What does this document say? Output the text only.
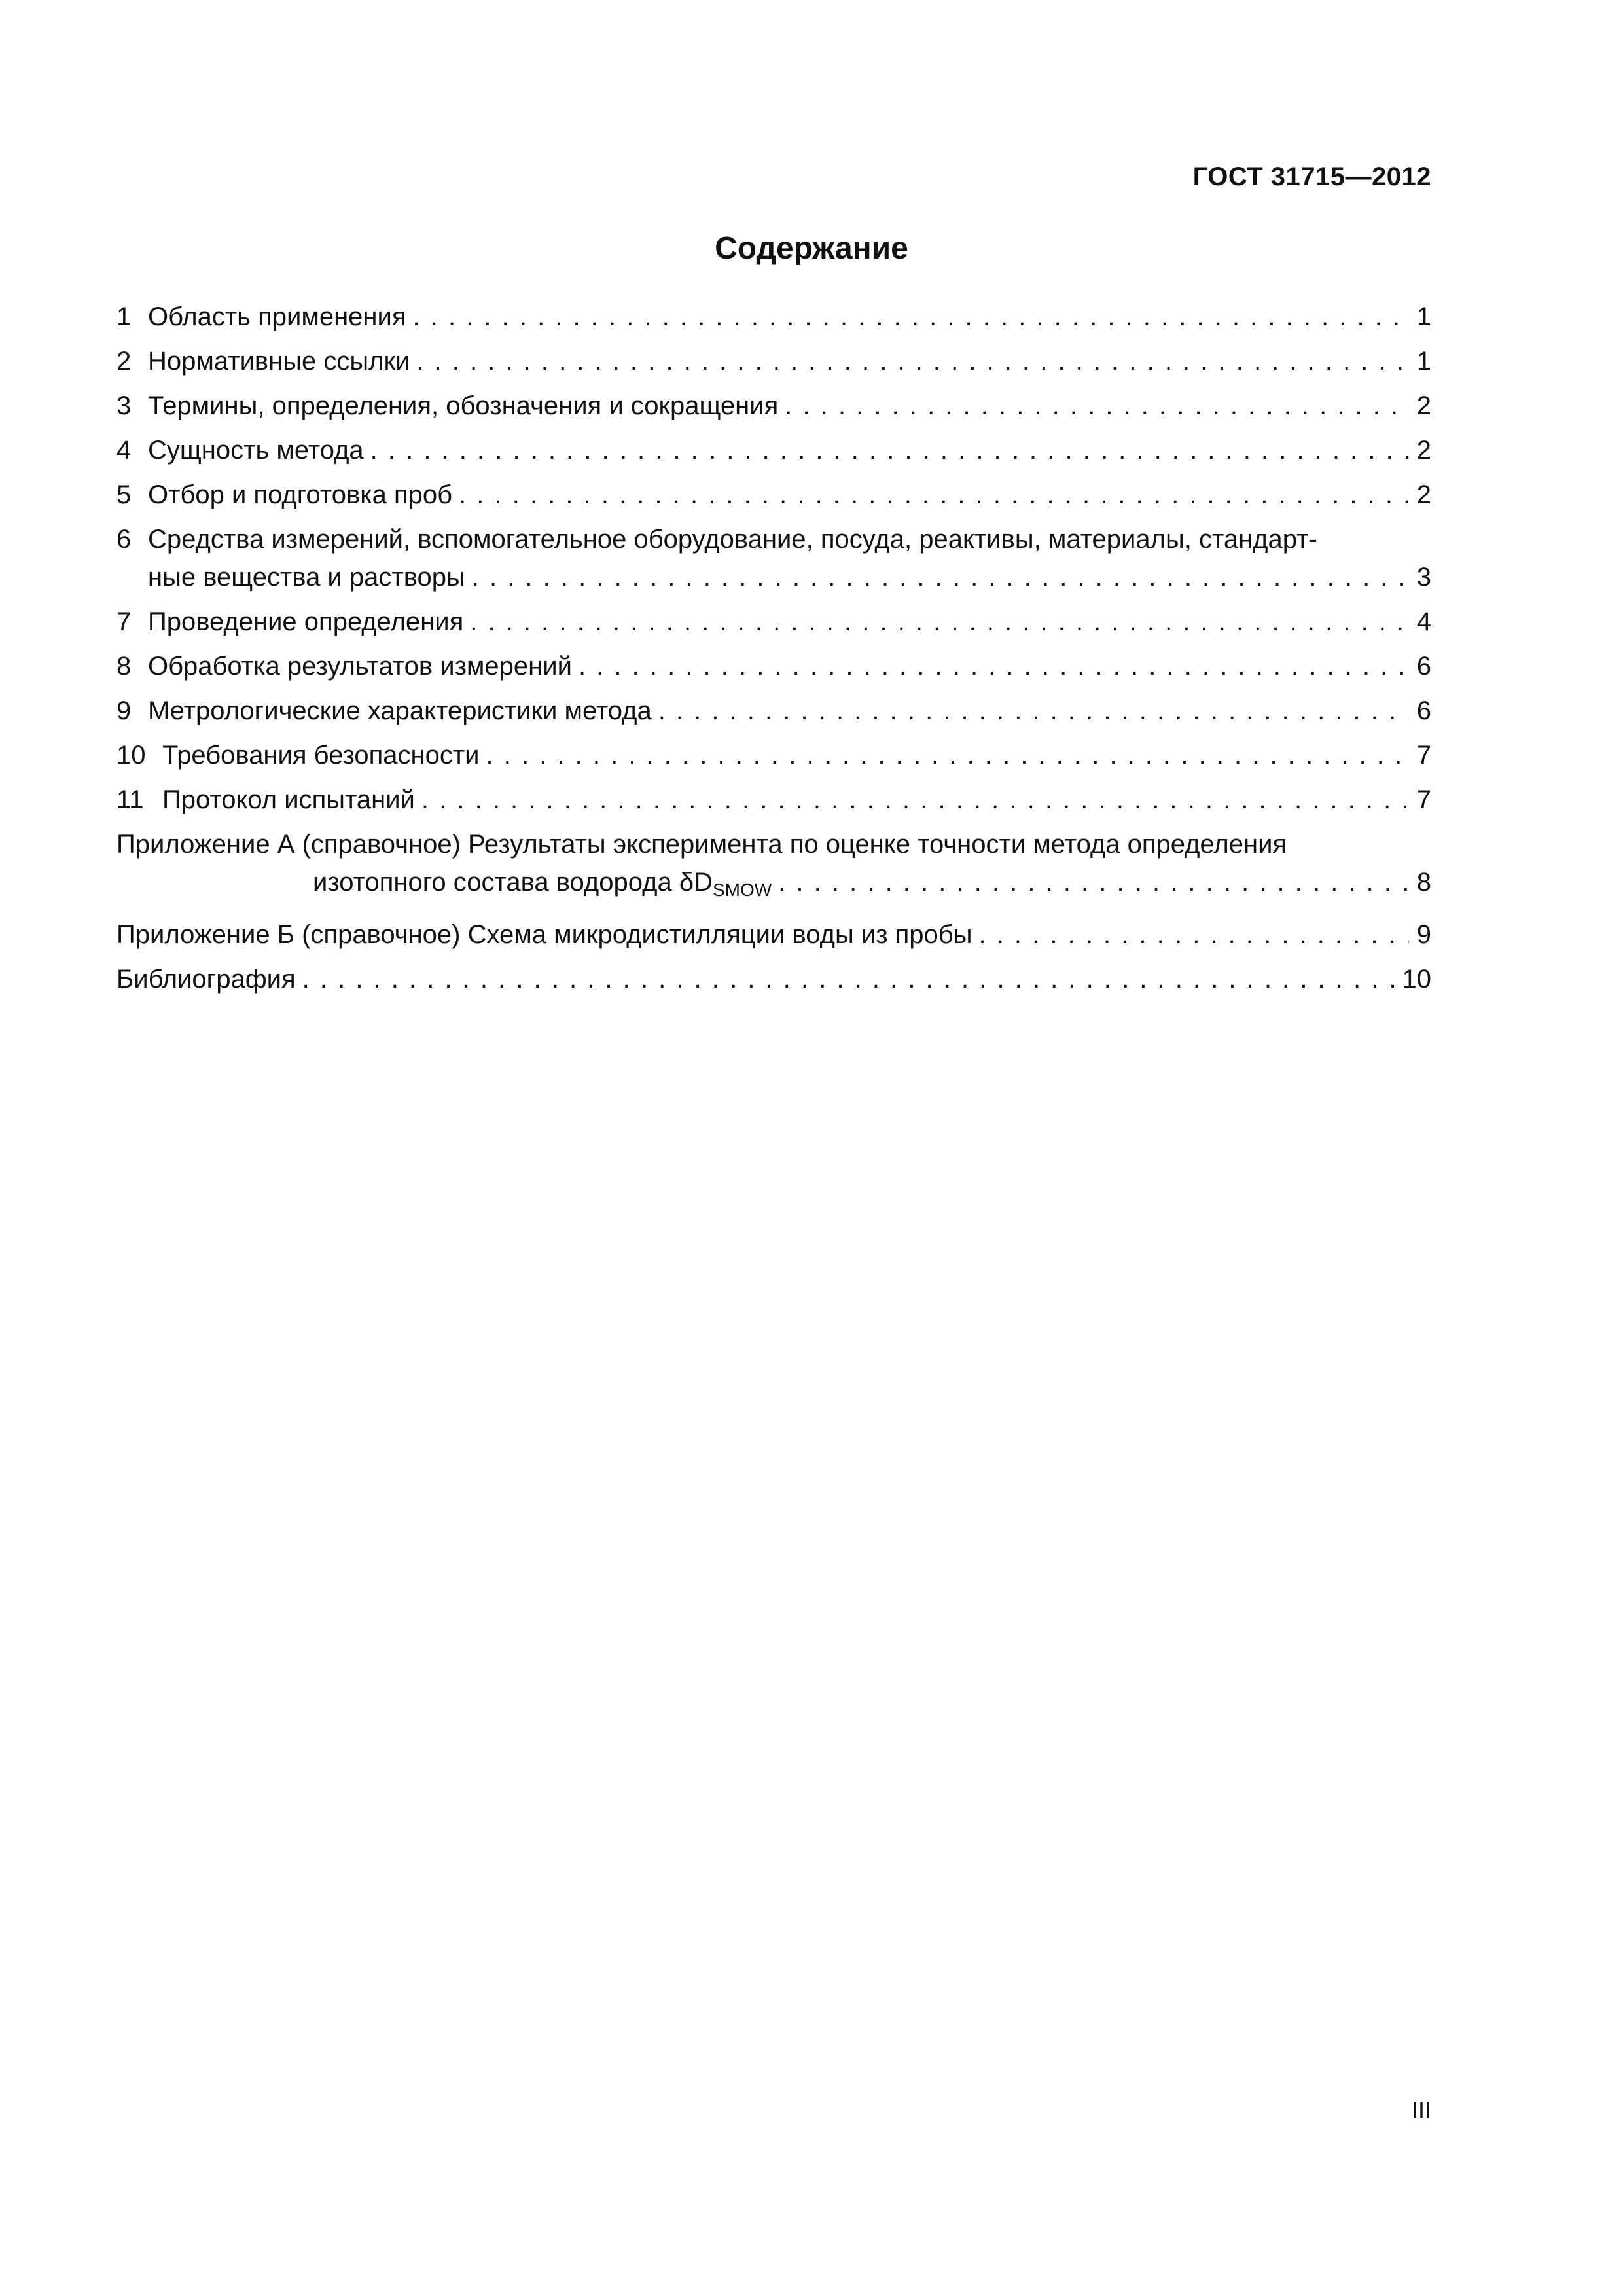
ГОСТ 31715—2012
Содержание
1 Область применения . . .	1
2 Нормативные ссылки . . .	1
3 Термины, определения, обозначения и сокращения . . .	2
4 Сущность метода . . .	2
5 Отбор и подготовка проб . . .	2
6 Средства измерений, вспомогательное оборудование, посуда, реактивы, материалы, стандарт-
ные вещества и растворы . . .	3
7 Проведение определения . . .	4
8 Обработка результатов измерений . . .	6
9 Метрологические характеристики метода . . .	6
10 Требования безопасности . . .	7
11 Протокол испытаний . . .	7
Приложение А (справочное) Результаты эксперимента по оценке точности метода определения
изотопного состава водорода $\delta D_{SMOW}$ . . .	8
Приложение Б (справочное) Схема микродистилляции воды из пробы . . .	9
Библиография . . .	10
III
